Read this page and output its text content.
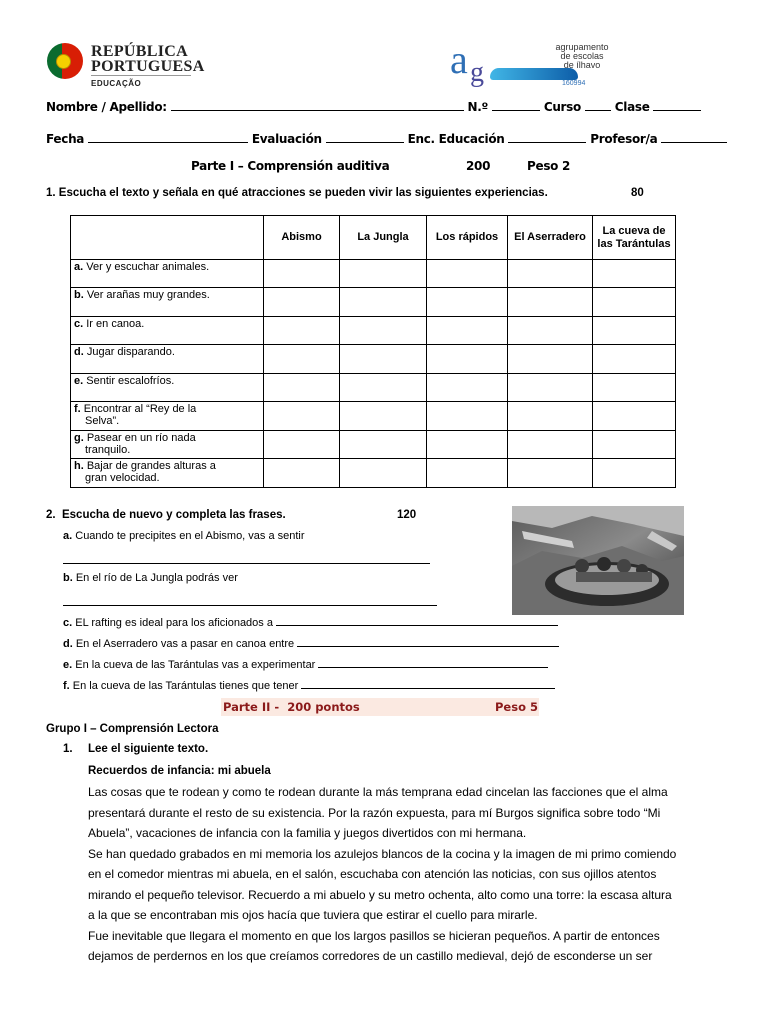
REPÚBLICA
PORTUGUESA
EDUCAÇÃO
a g
agrupamento
de escolas
de ílhavo
160994
Nombre / Apellido:	N.º	Curso	Clase
Fecha	Evaluación	Enc. Educación	Profesor/a
Parte I – Comprensión auditiva	200	Peso 2
1. Escucha el texto y señala en qué atracciones se pueden vivir las siguientes experiencias.	80
	Abismo	La Jungla	Los rápidos	El Aserradero	La cueva de las Tarántulas
a. Ver y escuchar animales.					
b. Ver arañas muy grandes.					
c. Ir en canoa.					
d. Jugar disparando.					
e. Sentir escalofríos.					
f. Encontrar al “Rey de la
Selva”.					
g. Pasear en un río nada
tranquilo.					
h. Bajar de grandes alturas a
gran velocidad.					
2.  Escucha de nuevo y completa las frases.	120
a. Cuando te precipites en el Abismo, vas a sentir
b. En el río de La Jungla podrás ver
c. EL rafting es ideal para los aficionados a
d. En el Aserradero vas a pasar en canoa entre
e. En la cueva de las Tarántulas vas a experimentar
f. En la cueva de las Tarántulas tienes que tener
Parte II -  200 pontos	Peso 5
Grupo I – Comprensión Lectora
1. Lee el siguiente texto.
Recuerdos de infancia: mi abuela
Las cosas que te rodean y como te rodean durante la más temprana edad cincelan las facciones que el alma
presentará durante el resto de su existencia. Por la razón expuesta, para mí Burgos significa sobre todo “Mi
Abuela”, vacaciones de infancia con la familia y juegos divertidos con mi hermana.
Se han quedado grabados en mi memoria los azulejos blancos de la cocina y la imagen de mi primo comiendo
en el comedor mientras mi abuela, en el salón, escuchaba con atención las noticias, con sus ojillos atentos
mirando el pequeño televisor. Recuerdo a mi abuelo y su metro ochenta, alto como una torre: la escasa altura
a la que se encontraban mis ojos hacía que tuviera que estirar el cuello para mirarle.
Fue inevitable que llegara el momento en que los largos pasillos se hicieran pequeños. A partir de entonces
dejamos de perdernos en los que creíamos corredores de un castillo medieval, dejó de esconderse un ser
